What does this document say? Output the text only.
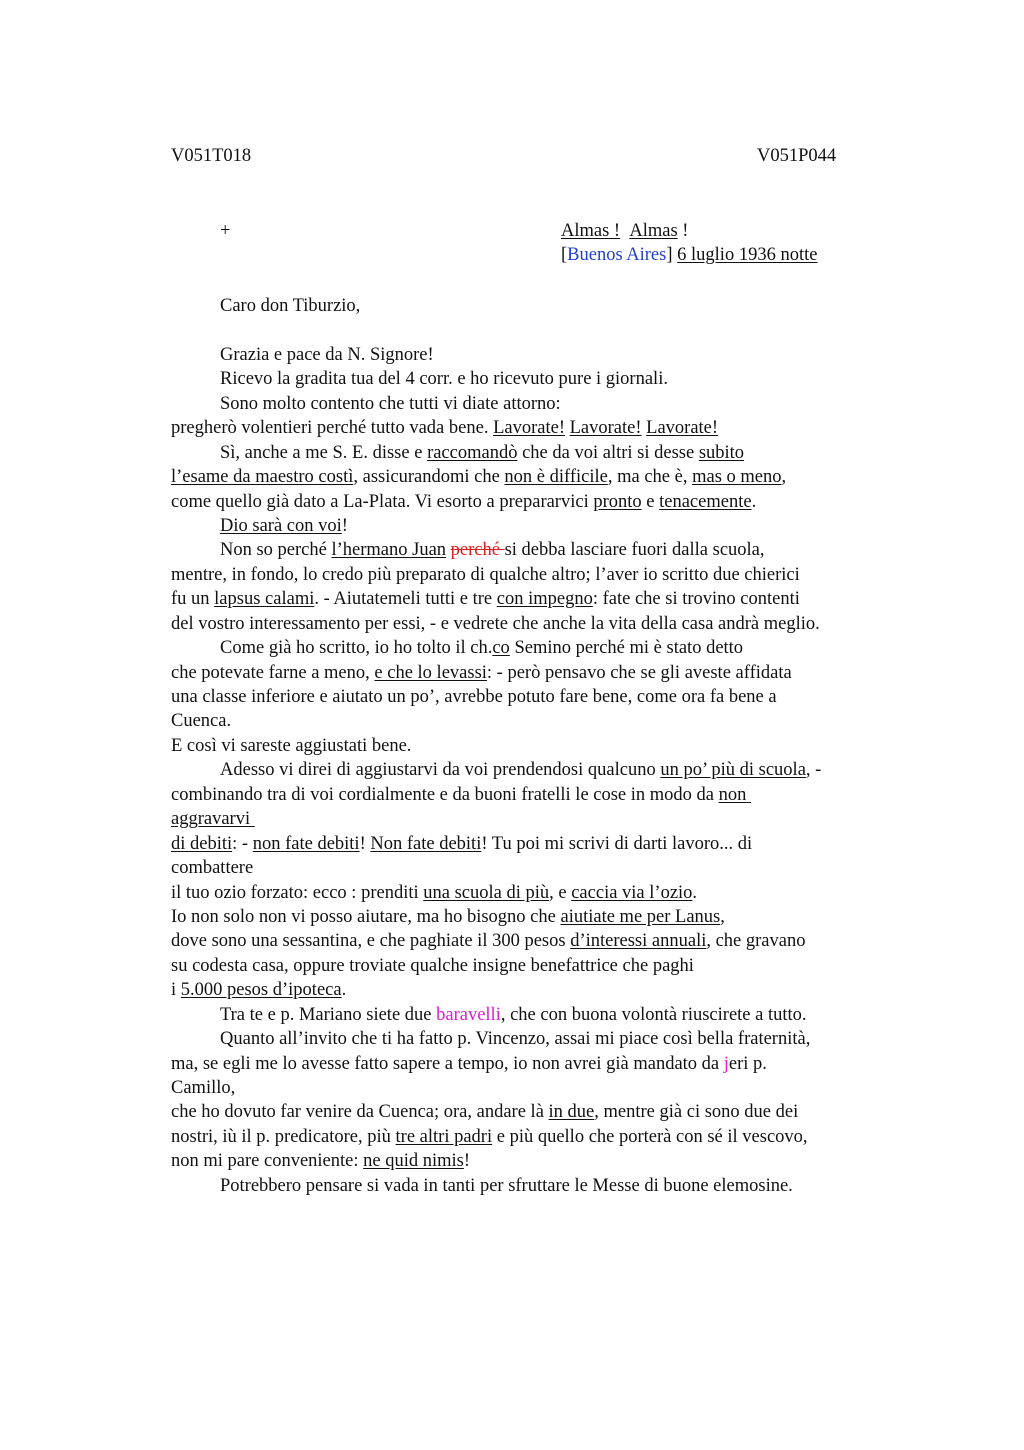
V051T018	V051P044
+	Almas ! Almas !
[Buenos Aires] 6 luglio 1936 notte
Caro don Tiburzio,
Grazia e pace da N. Signore!
Ricevo la gradita tua del 4 corr. e ho ricevuto pure i giornali.
Sono molto contento che tutti vi diate attorno:
pregherò volentieri perché tutto vada bene. Lavorate! Lavorate! Lavorate!
Sì, anche a me S. E. disse e raccomandò che da voi altri si desse subito
l’esame da maestro costì, assicurandomi che non è difficile, ma che è, mas o meno,
come quello già dato a La-Plata. Vi esorto a prepararvici pronto e tenacemente.
Dio sarà con voi!
Non so perché l’hermano Juan perché si debba lasciare fuori dalla scuola,
mentre, in fondo, lo credo più preparato di qualche altro; l’aver io scritto due chierici
fu un lapsus calami. - Aiutatemeli tutti e tre con impegno: fate che si trovino contenti
del vostro interessamento per essi, - e vedrete che anche la vita della casa andrà meglio.
Come già ho scritto, io ho tolto il ch.co Semino perché mi è stato detto
che potevate farne a meno, e che lo levassi: - però pensavo che se gli aveste affidata
una classe inferiore e aiutato un po’, avrebbe potuto fare bene, come ora fa bene a
Cuenca.
E così vi sareste aggiustati bene.
Adesso vi direi di aggiustarvi da voi prendendosi qualcuno un po’ più di scuola, -
combinando tra di voi cordialmente e da buoni fratelli le cose in modo da non
aggravarvi
di debiti: - non fate debiti! Non fate debiti! Tu poi mi scrivi di darti lavoro... di
combattere
il tuo ozio forzato: ecco : prenditi una scuola di più, e caccia via l’ozio.
Io non solo non vi posso aiutare, ma ho bisogno che aiutiate me per Lanus,
dove sono una sessantina, e che paghiate il 300 pesos d’interessi annuali, che gravano
su codesta casa, oppure troviate qualche insigne benefattrice che paghi
i 5.000 pesos d’ipoteca.
Tra te e p. Mariano siete due baravelli, che con buona volontà riuscirete a tutto.
Quanto all’invito che ti ha fatto p. Vincenzo, assai mi piace così bella fraternità,
ma, se egli me lo avesse fatto sapere a tempo, io non avrei già mandato da jeri p.
Camillo,
che ho dovuto far venire da Cuenca; ora, andare là in due, mentre già ci sono due dei
nostri, iù il p. predicatore, più tre altri padri e più quello che porterà con sé il vescovo,
non mi pare conveniente: ne quid nimis!
Potrebbero pensare si vada in tanti per sfruttare le Messe di buone elemosine.
